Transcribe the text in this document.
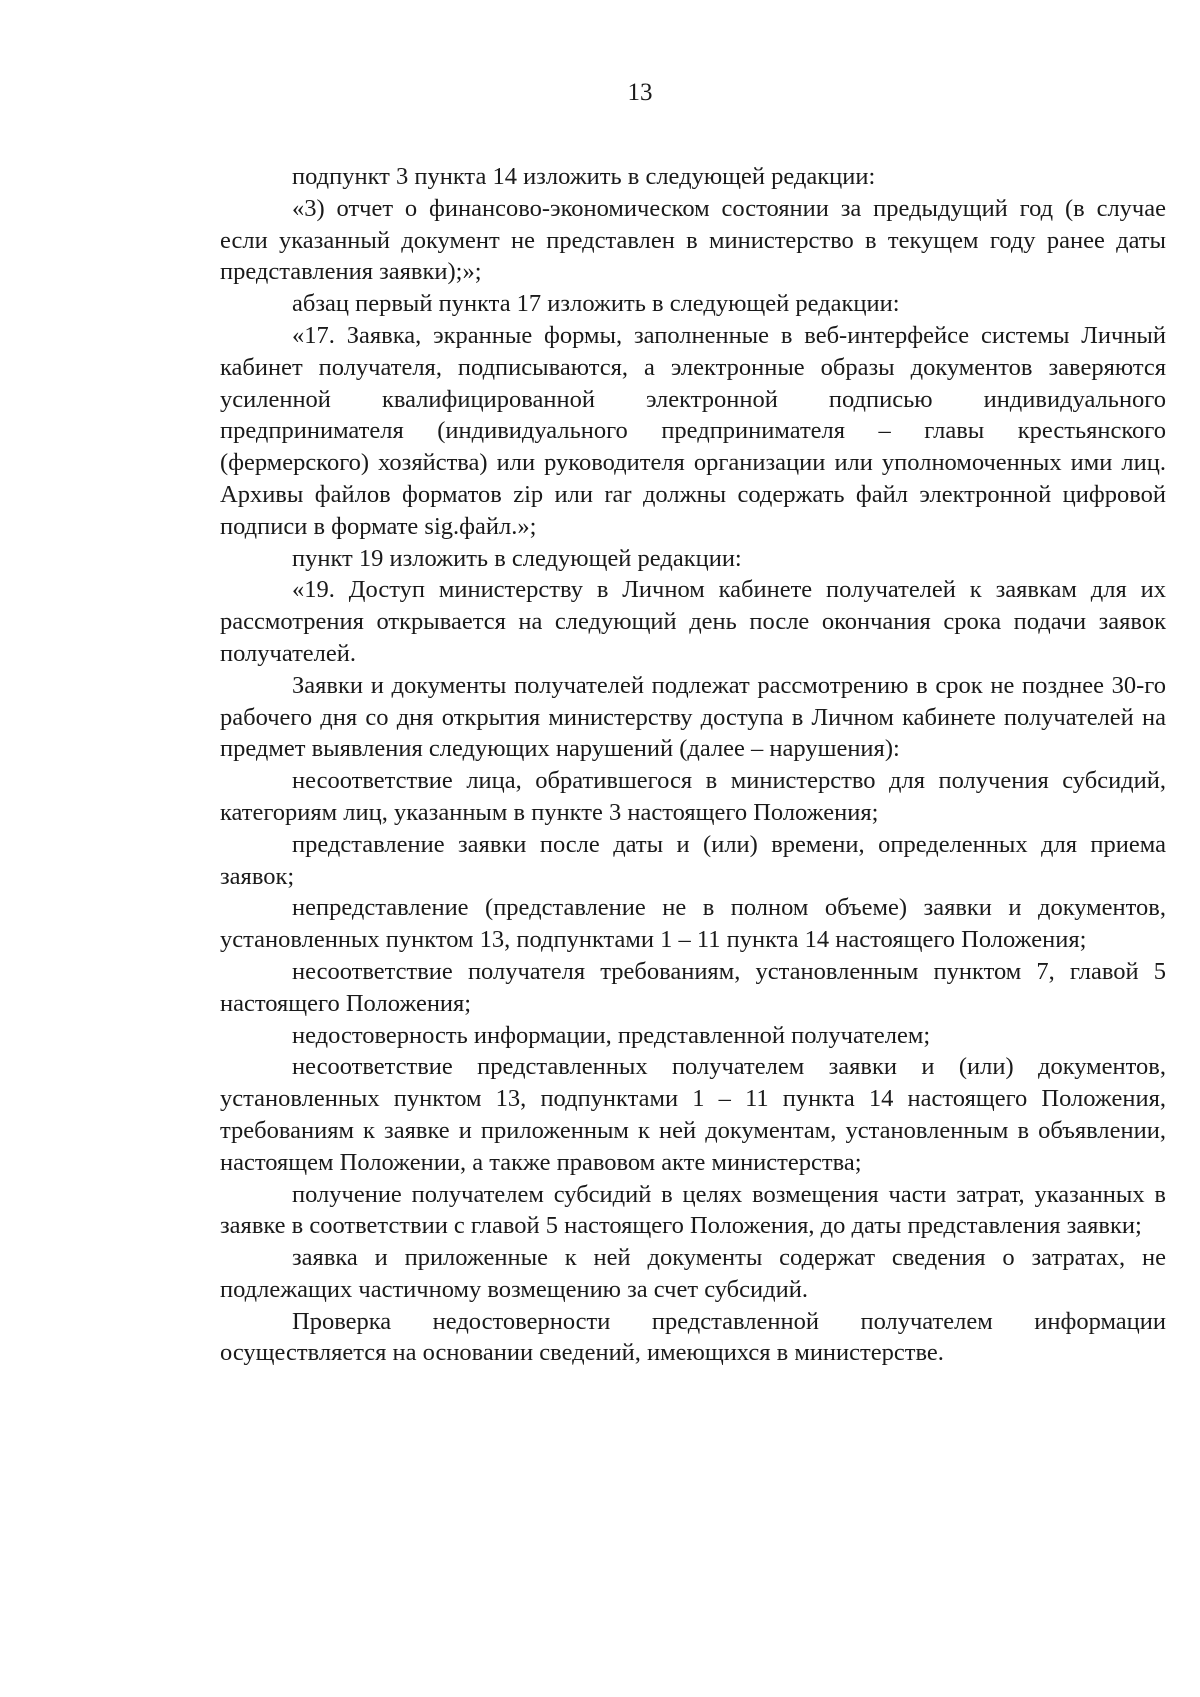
13

подпункт 3 пункта 14 изложить в следующей редакции:

«3) отчет о финансово-экономическом состоянии за предыдущий год (в случае если указанный документ не представлен в министерство в текущем году ранее даты представления заявки);»;

абзац первый пункта 17 изложить в следующей редакции:

«17. Заявка, экранные формы, заполненные в веб-интерфейсе системы Личный кабинет получателя, подписываются, а электронные образы документов заверяются усиленной квалифицированной электронной подписью индивидуального предпринимателя (индивидуального предпринимателя – главы крестьянского (фермерского) хозяйства) или руководителя организации или уполномоченных ими лиц. Архивы файлов форматов zip или rar должны содержать файл электронной цифровой подписи в формате sig.файл.»;

пункт 19 изложить в следующей редакции:

«19. Доступ министерству в Личном кабинете получателей к заявкам для их рассмотрения открывается на следующий день после окончания срока подачи заявок получателей.

Заявки и документы получателей подлежат рассмотрению в срок не позднее 30-го рабочего дня со дня открытия министерству доступа в Личном кабинете получателей на предмет выявления следующих нарушений (далее – нарушения):

несоответствие лица, обратившегося в министерство для получения субсидий, категориям лиц, указанным в пункте 3 настоящего Положения;

представление заявки после даты и (или) времени, определенных для приема заявок;

непредставление (представление не в полном объеме) заявки и документов, установленных пунктом 13, подпунктами 1 – 11 пункта 14 настоящего Положения;

несоответствие получателя требованиям, установленным пунктом 7, главой 5 настоящего Положения;

недостоверность информации, представленной получателем;

несоответствие представленных получателем заявки и (или) документов, установленных пунктом 13, подпунктами 1 – 11 пункта 14 настоящего Положения, требованиям к заявке и приложенным к ней документам, установленным в объявлении, настоящем Положении, а также правовом акте министерства;

получение получателем субсидий в целях возмещения части затрат, указанных в заявке в соответствии с главой 5 настоящего Положения, до даты представления заявки;

заявка и приложенные к ней документы содержат сведения о затратах, не подлежащих частичному возмещению за счет субсидий.

Проверка недостоверности представленной получателем информации осуществляется на основании сведений, имеющихся в министерстве.
